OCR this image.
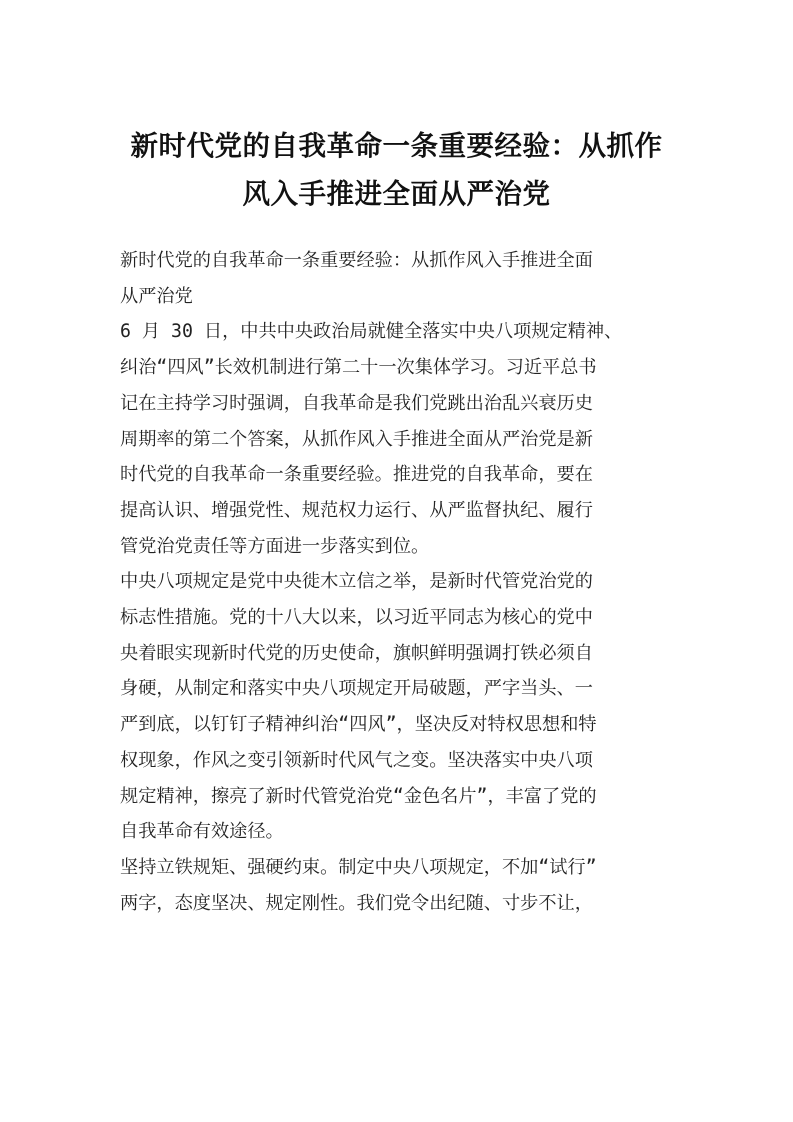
新时代党的自我革命一条重要经验：从抓作
风入手推进全面从严治党

新时代党的自我革命一条重要经验：从抓作风入手推进全面
从严治党

6 月 30 日，中共中央政治局就健全落实中央八项规定精神、
纠治“四风”长效机制进行第二十一次集体学习。习近平总书
记在主持学习时强调，自我革命是我们党跳出治乱兴衰历史
周期率的第二个答案，从抓作风入手推进全面从严治党是新
时代党的自我革命一条重要经验。推进党的自我革命，要在
提高认识、增强党性、规范权力运行、从严监督执纪、履行
管党治党责任等方面进一步落实到位。

中央八项规定是党中央徙木立信之举，是新时代管党治党的
标志性措施。党的十八大以来，以习近平同志为核心的党中
央着眼实现新时代党的历史使命，旗帜鲜明强调打铁必须自
身硬，从制定和落实中央八项规定开局破题，严字当头、一
严到底，以钉钉子精神纠治“四风”，坚决反对特权思想和特
权现象，作风之变引领新时代风气之变。坚决落实中央八项
规定精神，擦亮了新时代管党治党“金色名片”，丰富了党的
自我革命有效途径。

坚持立铁规矩、强硬约束。制定中央八项规定，不加“试行”
两字，态度坚决、规定刚性。我们党令出纪随、寸步不让，
